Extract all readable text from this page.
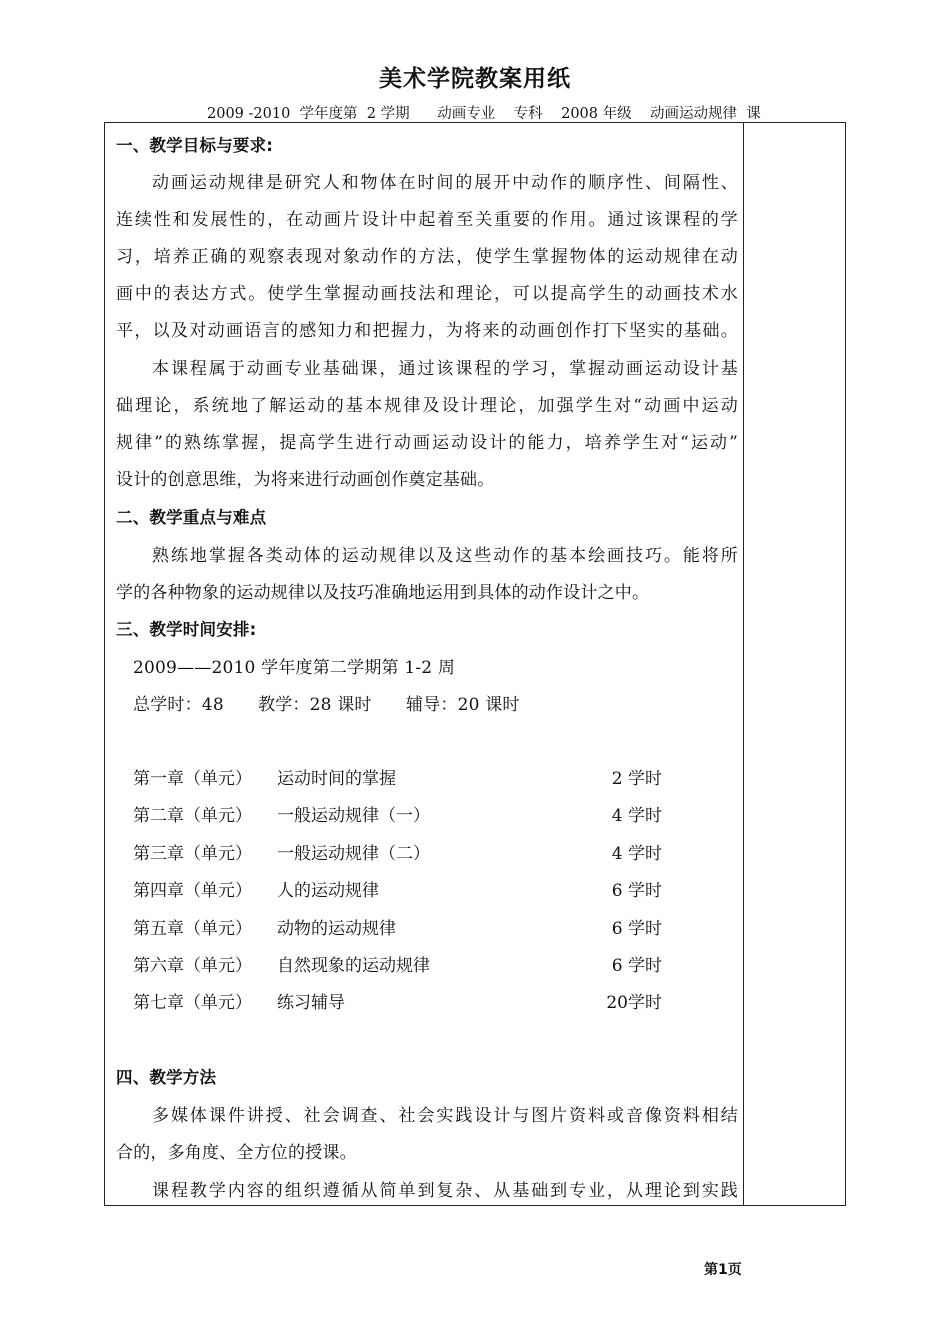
美术学院教案用纸
2009 -2010  学年度第  2 学期      动画专业    专科    2008 年级    动画运动规律  课
一、教学目标与要求:
动画运动规律是研究人和物体在时间的展开中动作的顺序性、间隔性、
连续性和发展性的，在动画片设计中起着至关重要的作用。通过该课程的学
习，培养正确的观察表现对象动作的方法，使学生掌握物体的运动规律在动
画中的表达方式。使学生掌握动画技法和理论，可以提高学生的动画技术水
平，以及对动画语言的感知力和把握力，为将来的动画创作打下坚实的基础。
本课程属于动画专业基础课，通过该课程的学习，掌握动画运动设计基
础理论，系统地了解运动的基本规律及设计理论，加强学生对“动画中运动
规律”的熟练掌握，提高学生进行动画运动设计的能力，培养学生对“运动”
设计的创意思维，为将来进行动画创作奠定基础。
二、教学重点与难点
熟练地掌握各类动体的运动规律以及这些动作的基本绘画技巧。能将所
学的各种物象的运动规律以及技巧准确地运用到具体的动作设计之中。
三、教学时间安排:
2009——2010 学年度第二学期第 1-2 周
总学时：48 教学：28 课时 辅导：20 课时
第一章（单元） 运动时间的掌握	2 学时
第二章（单元） 一般运动规律（一）	4 学时
第三章（单元） 一般运动规律（二）	4 学时
第四章（单元） 人的运动规律	6 学时
第五章（单元） 动物的运动规律	6 学时
第六章（单元） 自然现象的运动规律	6 学时
第七章（单元） 练习辅导	20学时
四、教学方法
多媒体课件讲授、社会调查、社会实践设计与图片资料或音像资料相结
合的，多角度、全方位的授课。
课程教学内容的组织遵循从简单到复杂、从基础到专业，从理论到实践
第1页
